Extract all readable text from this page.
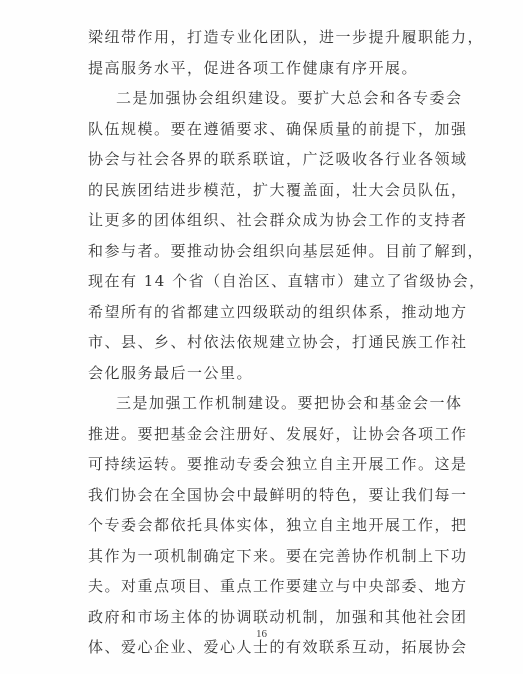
梁纽带作用，打造专业化团队，进一步提升履职能力，
提高服务水平，促进各项工作健康有序开展。
二是加强协会组织建设。要扩大总会和各专委会
队伍规模。要在遵循要求、确保质量的前提下，加强
协会与社会各界的联系联谊，广泛吸收各行业各领域
的民族团结进步模范，扩大覆盖面，壮大会员队伍，
让更多的团体组织、社会群众成为协会工作的支持者
和参与者。要推动协会组织向基层延伸。目前了解到，
现在有 14 个省（自治区、直辖市）建立了省级协会，
希望所有的省都建立四级联动的组织体系，推动地方
市、县、乡、村依法依规建立协会，打通民族工作社
会化服务最后一公里。
三是加强工作机制建设。要把协会和基金会一体
推进。要把基金会注册好、发展好，让协会各项工作
可持续运转。要推动专委会独立自主开展工作。这是
我们协会在全国协会中最鲜明的特色，要让我们每一
个专委会都依托具体实体，独立自主地开展工作，把
其作为一项机制确定下来。要在完善协作机制上下功
夫。对重点项目、重点工作要建立与中央部委、地方
政府和市场主体的协调联动机制，加强和其他社会团
体、爱心企业、爱心人士的有效联系互动，拓展协会
16
